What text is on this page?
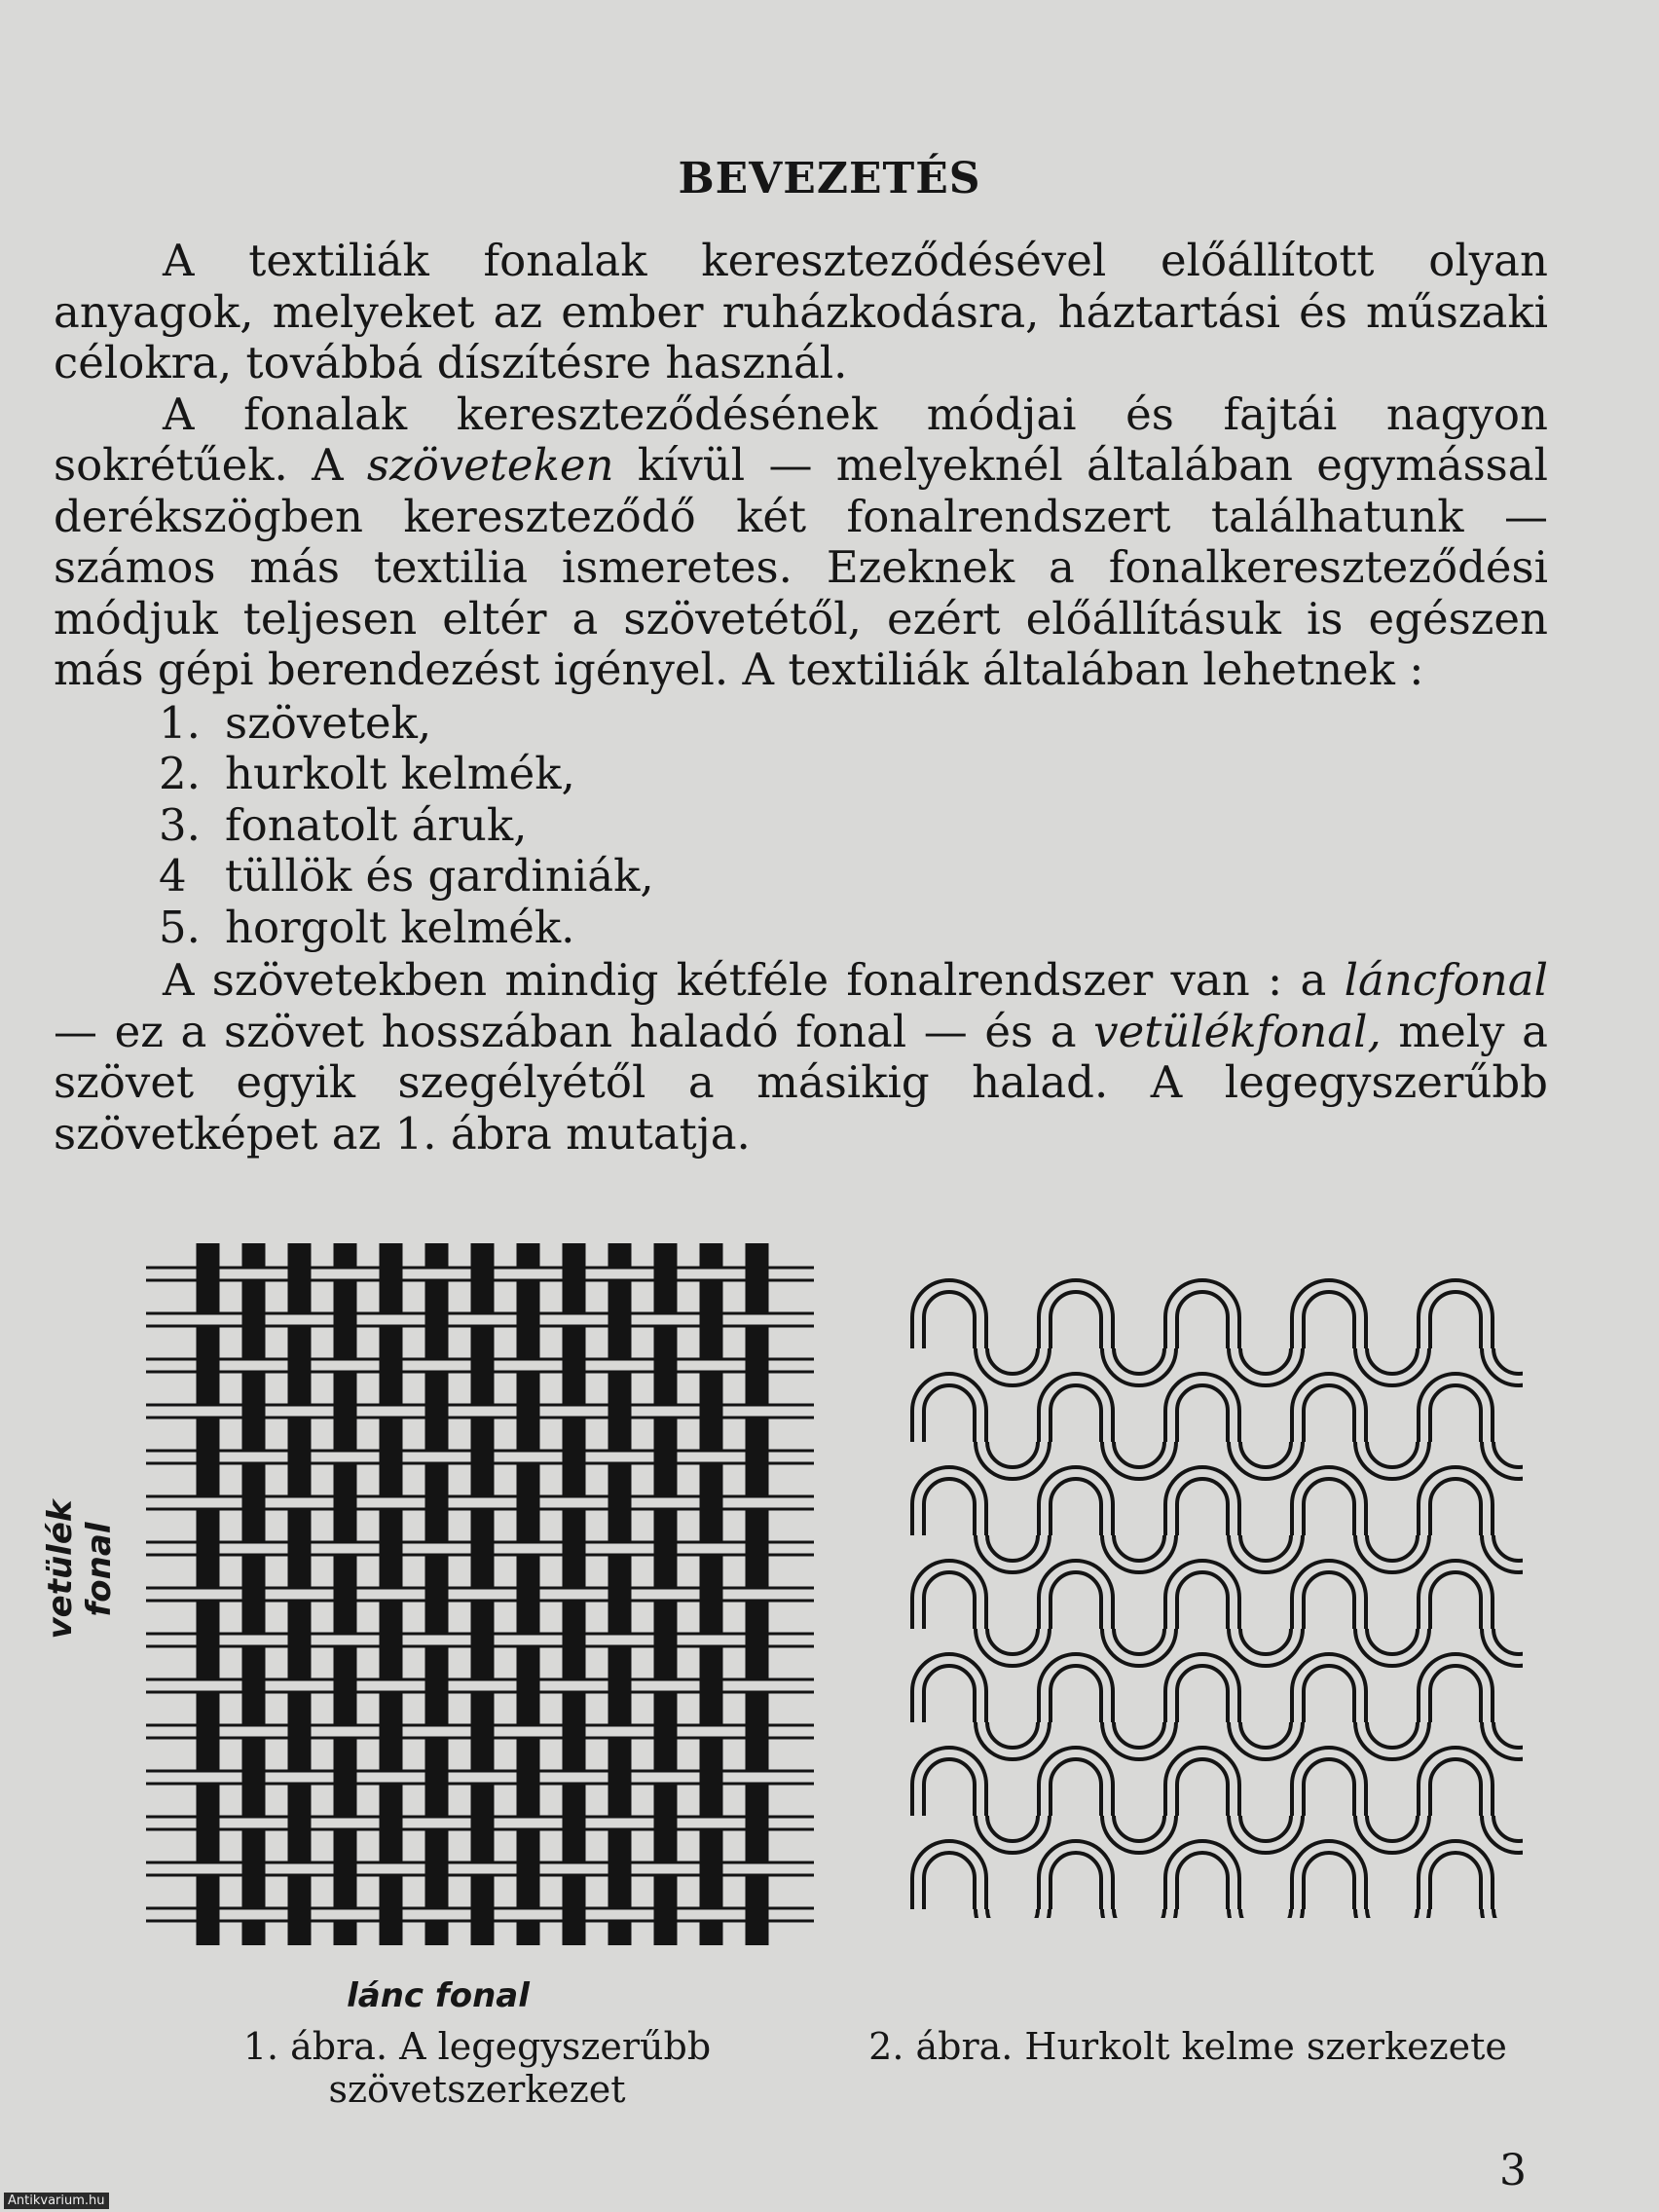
BEVEZETÉS

A textiliák fonalak kereszteződésével előállított olyan anyagok, melyeket az ember ruházkodásra, háztartási és műszaki célokra, továbbá díszítésre használ.

A fonalak kereszteződésének módjai és fajtái nagyon sokrétűek. A szöveteken kívül — melyeknél általában egymással derékszögben kereszteződő két fonalrendszert találhatunk — számos más textilia ismeretes. Ezeknek a fonalkereszteződési módjuk teljesen eltér a szövetétől, ezért előállításuk is egészen más gépi berendezést igényel. A textiliák általában lehetnek :

1. szövetek,
2. hurkolt kelmék,
3. fonatolt áruk,
4 tüllök és gardiniák,
5. horgolt kelmék.

A szövetekben mindig kétféle fonalrendszer van : a láncfonal — ez a szövet hosszában haladó fonal — és a vetülékfonal, mely a szövet egyik szegélyétől a másikig halad. A legegyszerűbb szövetképet az 1. ábra mutatja.

vetülék fonal
lánc fonal
1. ábra. A legegyszerűbb
szövetszerkezet
2. ábra. Hurkolt kelme szerkezete
3
Antikvarium.hu
